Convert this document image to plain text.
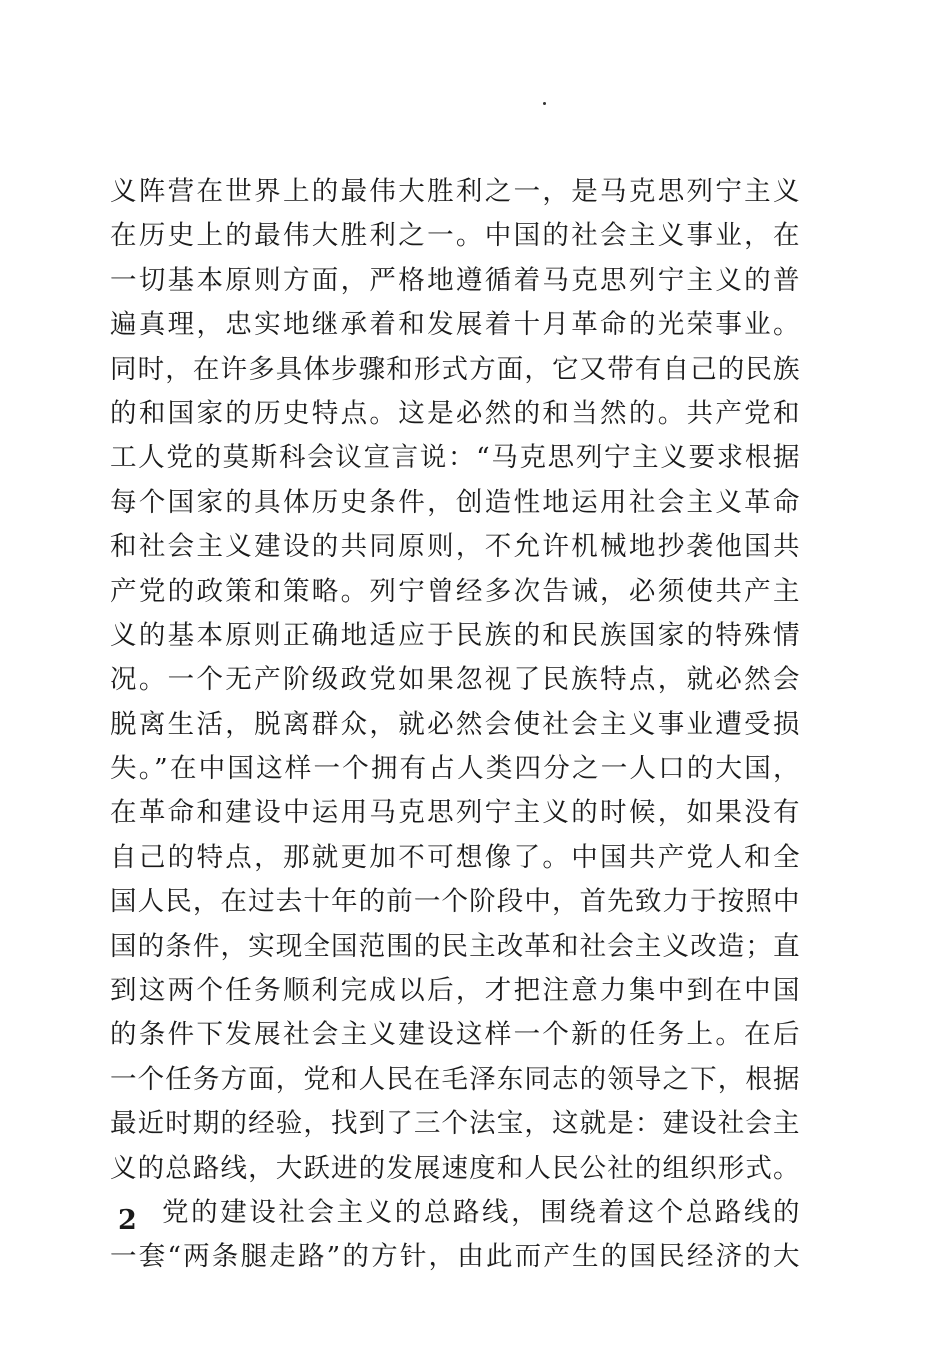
义阵营在世界上的最伟大胜利之一，是马克思列宁主义
在历史上的最伟大胜利之一。中国的社会主义事业，在
一切基本原则方面，严格地遵循着马克思列宁主义的普
遍真理，忠实地继承着和发展着十月革命的光荣事业。
同时，在许多具体步骤和形式方面，它又带有自己的民族
的和国家的历史特点。这是必然的和当然的。共产党和
工人党的莫斯科会议宣言说：“马克思列宁主义要求根据
每个国家的具体历史条件，创造性地运用社会主义革命
和社会主义建设的共同原则，不允许机械地抄袭他国共
产党的政策和策略。列宁曾经多次告诫，必须使共产主
义的基本原则正确地适应于民族的和民族国家的特殊情
况。一个无产阶级政党如果忽视了民族特点，就必然会
脱离生活，脱离群众，就必然会使社会主义事业遭受损
失。”在中国这样一个拥有占人类四分之一人口的大国，
在革命和建设中运用马克思列宁主义的时候，如果没有
自己的特点，那就更加不可想像了。中国共产党人和全
国人民，在过去十年的前一个阶段中，首先致力于按照中
国的条件，实现全国范围的民主改革和社会主义改造；直
到这两个任务顺利完成以后，才把注意力集中到在中国
的条件下发展社会主义建设这样一个新的任务上。在后
一个任务方面，党和人民在毛泽东同志的领导之下，根据
最近时期的经验，找到了三个法宝，这就是：建设社会主
义的总路线，大跃进的发展速度和人民公社的组织形式。
党的建设社会主义的总路线，围绕着这个总路线的
一套“两条腿走路”的方针，由此而产生的国民经济的大
2
